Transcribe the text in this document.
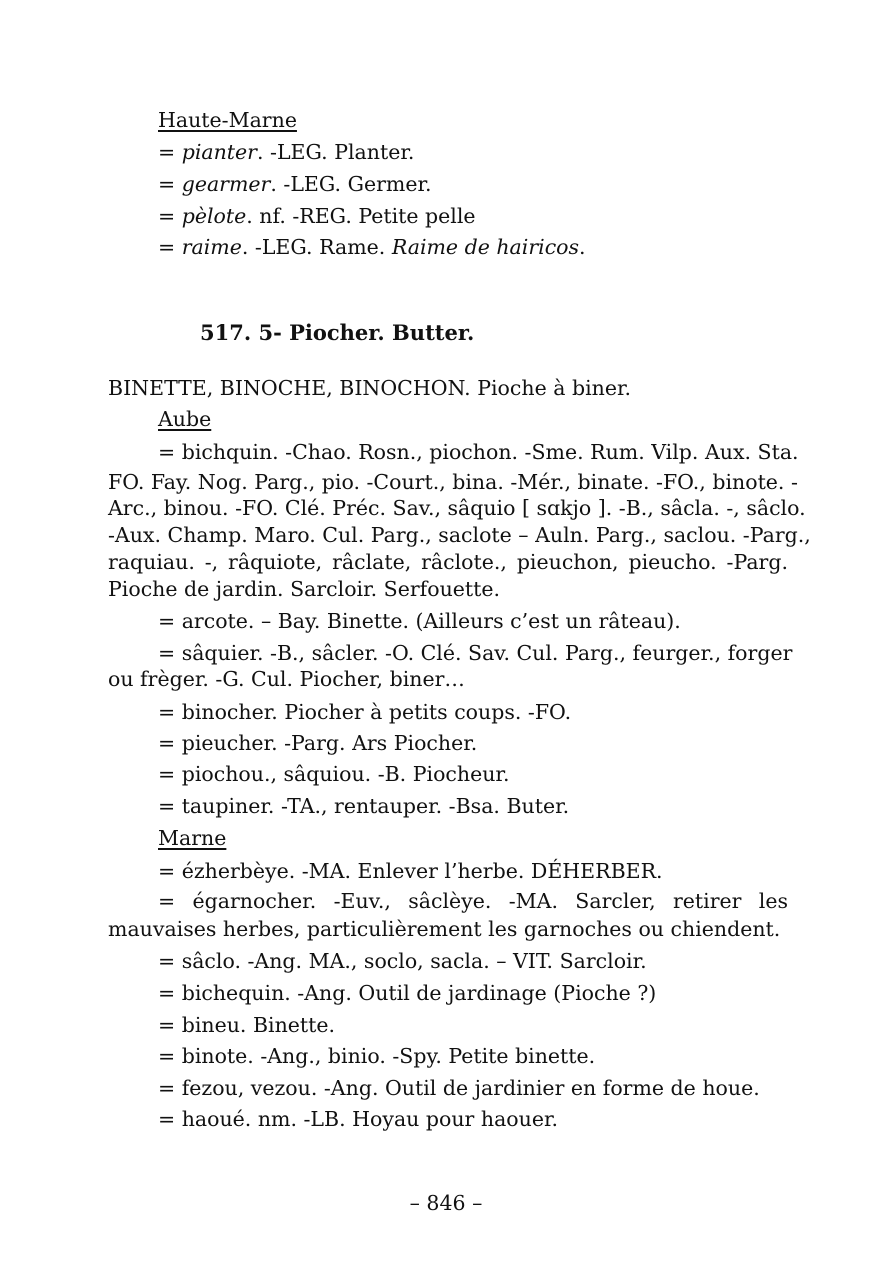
Haute-Marne
= pianter. -LEG. Planter.
= gearmer. -LEG. Germer.
= pèlote. nf. -REG. Petite pelle
= raime. -LEG. Rame. Raime de hairicos.
517. 5- Piocher. Butter.
BINETTE, BINOCHE, BINOCHON. Pioche à biner.
Aube
= bichquin. -Chao. Rosn., piochon. -Sme. Rum. Vilp. Aux. Sta.
FO. Fay. Nog. Parg., pio. -Court., bina. -Mér., binate. -FO., binote. -
Arc., binou. -FO. Clé. Préc. Sav., sâquio [ sɑkjo ]. -B., sâcla. -, sâclo.
-Aux. Champ. Maro. Cul. Parg., saclote – Auln. Parg., saclou. -Parg.,
raquiau. -, râquiote, râclate, râclote., pieuchon, pieucho. -Parg.
Pioche de jardin. Sarcloir. Serfouette.
= arcote. – Bay. Binette. (Ailleurs c’est un râteau).
= sâquier. -B., sâcler. -O. Clé. Sav. Cul. Parg., feurger., forger
ou frèger. -G. Cul. Piocher, biner…
= binocher. Piocher à petits coups. -FO.
= pieucher. -Parg. Ars Piocher.
= piochou., sâquiou. -B. Piocheur.
= taupiner. -TA., rentauper. -Bsa. Buter.
Marne
= ézherbèye. -MA. Enlever l’herbe. DÉHERBER.
= égarnocher. -Euv., sâclèye. -MA. Sarcler, retirer les
mauvaises herbes, particulièrement les garnoches ou chiendent.
= sâclo. -Ang. MA., soclo, sacla. – VIT. Sarcloir.
= bichequin. -Ang. Outil de jardinage (Pioche ?)
= bineu. Binette.
= binote. -Ang., binio. -Spy. Petite binette.
= fezou, vezou. -Ang. Outil de jardinier en forme de houe.
= haoué. nm. -LB. Hoyau pour haouer.
– 846 –
